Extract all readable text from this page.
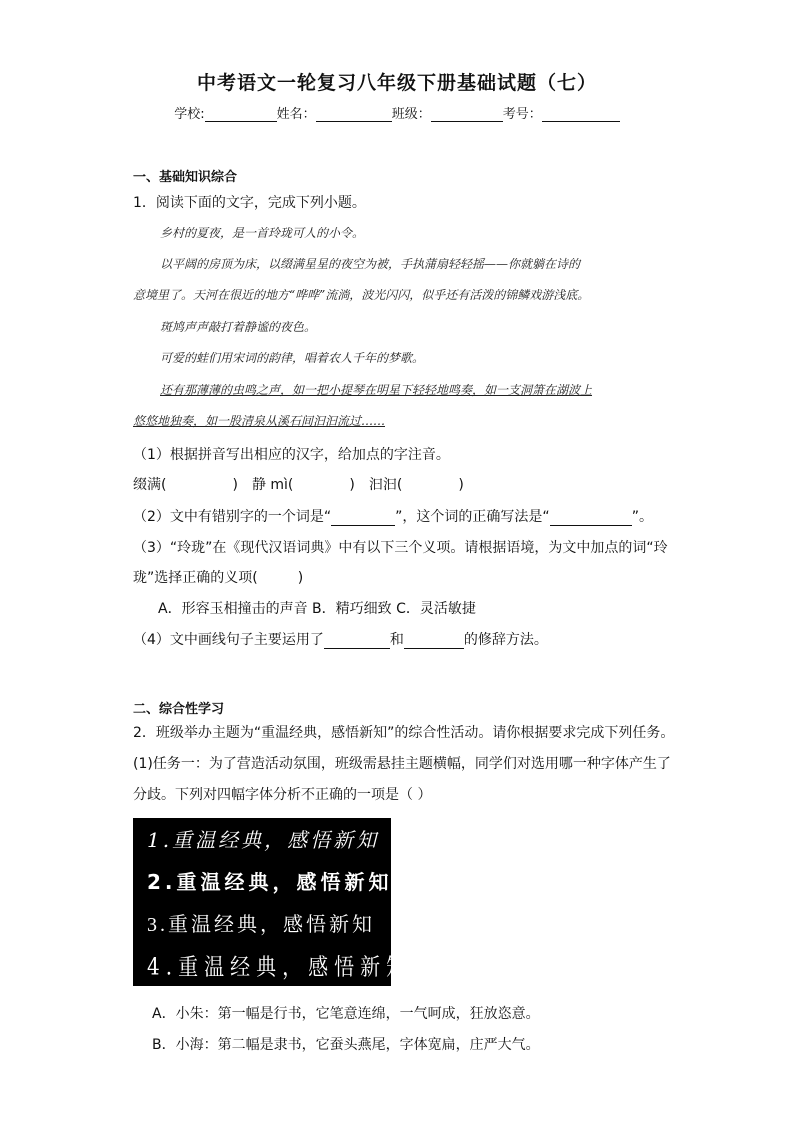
中考语文一轮复习八年级下册基础试题（七）
学校:	姓名：	班级：	考号：
一、基础知识综合
1．阅读下面的文字，完成下列小题。
乡村的夏夜，是一首玲珑可人的小令。
以平阔的房顶为床，以缀满星星的夜空为被，手执蒲扇轻轻摇——你就躺在诗的
意境里了。天河在很近的地方“哗哗”流淌，波光闪闪，似乎还有活泼的锦鳞戏游浅底。
斑鸠声声敲打着静谧的夜色。
可爱的蛙们用宋词的韵律，唱着农人千年的梦歌。
还有那薄薄的虫鸣之声，如一把小提琴在明星下轻轻地鸣奏，如一支洞箫在湖波上
悠悠地独奏，如一股清泉从溪石间汩汩流过……
（1）根据拼音写出相应的汉字，给加点的字注音。
缀满(	) 静 mì(	) 汩汩(	)
（2）文中有错别字的一个词是“	”，这个词的正确写法是“	”。
（3）“玲珑”在《现代汉语词典》中有以下三个义项。请根据语境，为文中加点的词“玲
珑”选择正确的义项(	)
A．形容玉相撞击的声音 B．精巧细致 C．灵活敏捷
（4）文中画线句子主要运用了	和	的修辞方法。
二、综合性学习
2．班级举办主题为“重温经典，感悟新知”的综合性活动。请你根据要求完成下列任务。
(1)任务一：为了营造活动氛围，班级需悬挂主题横幅，同学们对选用哪一种字体产生了
分歧。下列对四幅字体分析不正确的一项是（ ）
1.重温经典，感悟新知
2.重温经典，感悟新知
3.重温经典，感悟新知
4.重温经典，感悟新知
A．小朱：第一幅是行书，它笔意连绵，一气呵成，狂放恣意。
B．小海：第二幅是隶书，它蚕头燕尾，字体宽扁，庄严大气。
